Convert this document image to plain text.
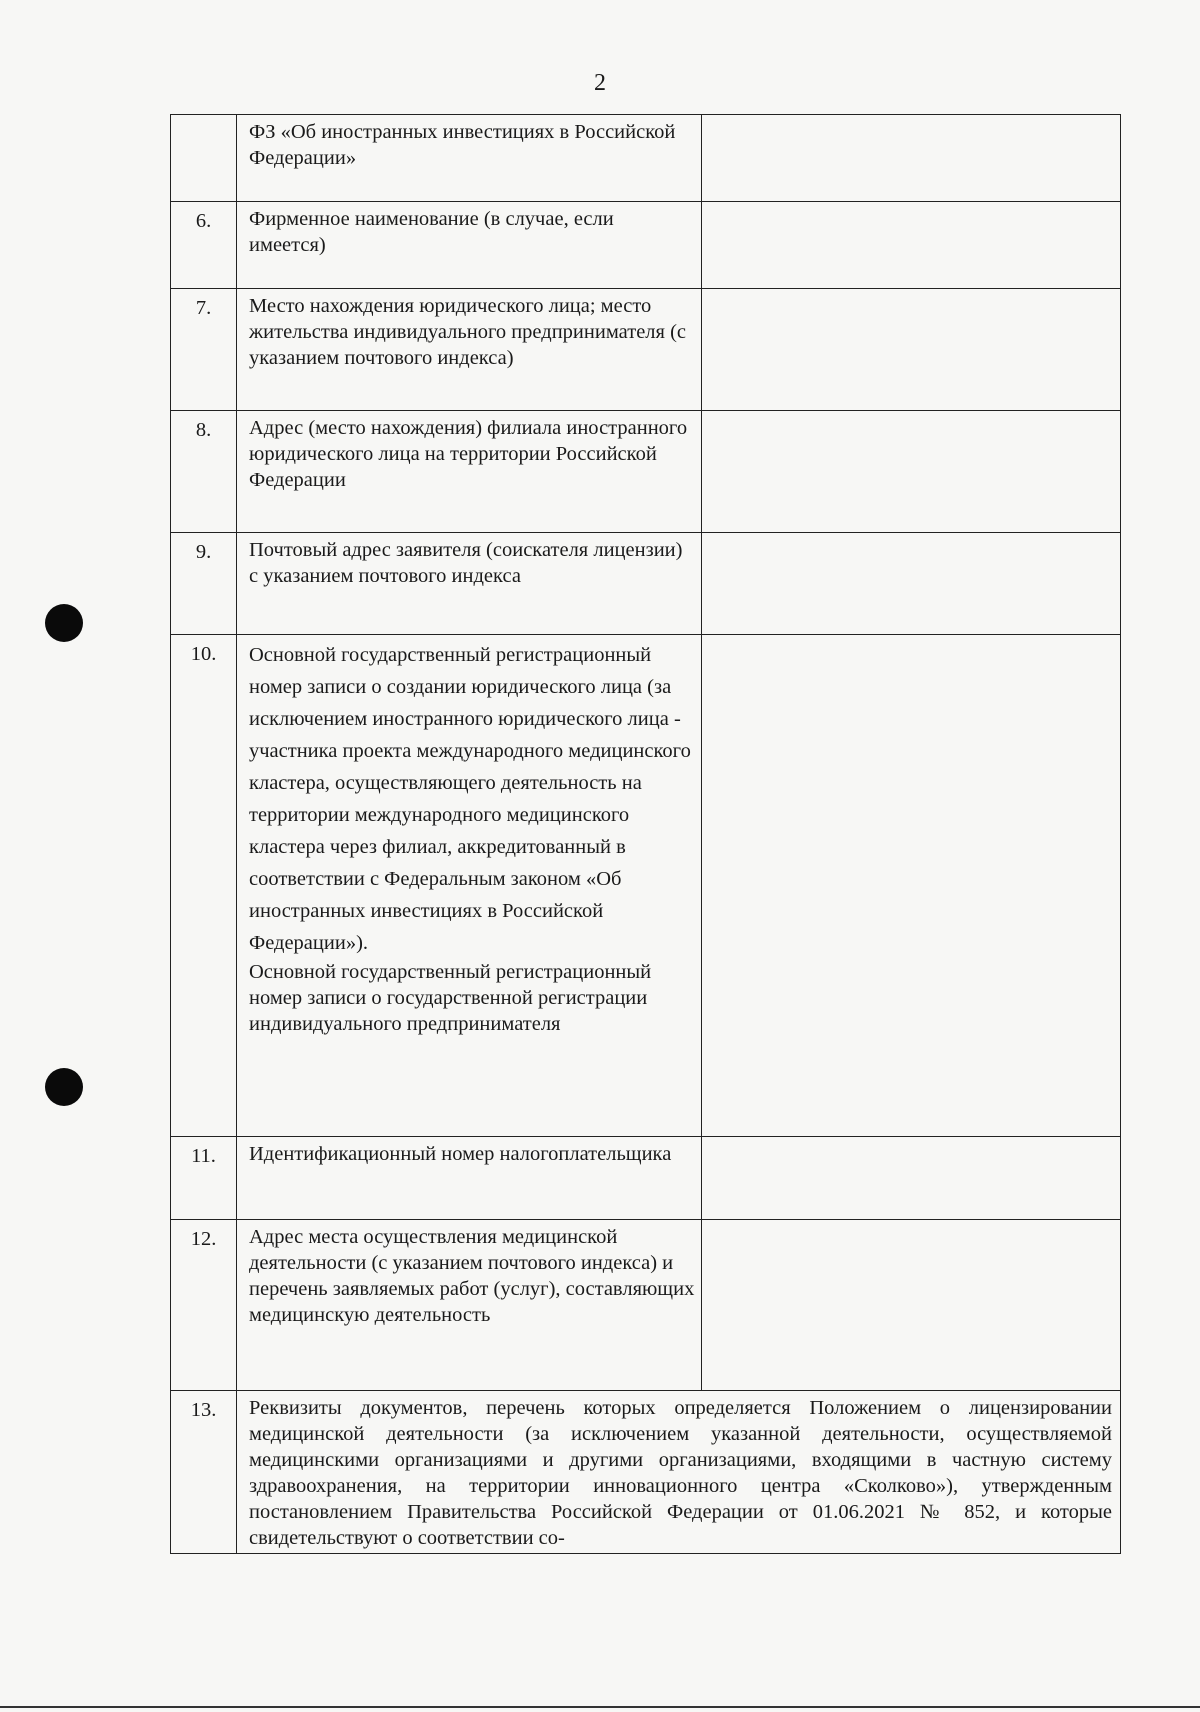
2
	ФЗ «Об иностранных инвестициях в Российской Федерации»	
6.	Фирменное наименование (в случае, если имеется)	
7.	Место нахождения юридического лица; место жительства индивидуального предпринимателя (с указанием почтового индекса)	
8.	Адрес (место нахождения) филиала иностранного юридического лица на территории Российской Федерации	
9.	Почтовый адрес заявителя (соискателя лицензии) с указанием почтового индекса	
10.	Основной государственный регистрационный номер записи о создании юридического лица (за исключением иностранного юридического лица - участника проекта международного медицинского кластера, осуществляющего деятельность на территории международного медицинского кластера через филиал, аккредитованный в соответствии с Федеральным законом «Об иностранных инвестициях в Российской Федерации»).

Основной государственный регистрационный номер записи о государственной регистрации индивидуального предпринимателя	

11.	Идентификационный номер налогоплательщика	
12.	Адрес места осуществления медицинской деятельности (с указанием почтового индекса) и перечень заявляемых работ (услуг), составляющих медицинскую деятельность	
13.	Реквизиты документов, перечень которых определяется Положением о лицензировании медицинской деятельности (за исключением указанной деятельности, осуществляемой медицинскими организациями и другими организациями, входящими в частную систему здравоохранения, на территории инновационного центра «Сколково»), утвержденным постановлением Правительства Российской Федерации от 01.06.2021 № 852, и которые свидетельствуют о соответствии со-	
